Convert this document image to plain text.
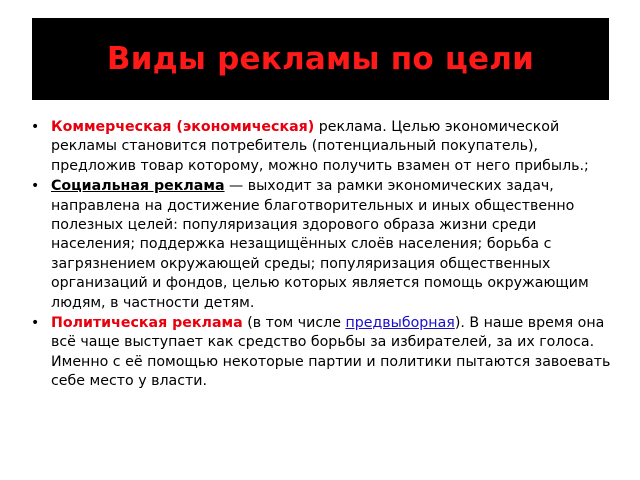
Виды рекламы по цели
• Коммерческая (экономическая) реклама. Целью экономической рекламы становится потребитель (потенциальный покупатель), предложив товар которому, можно получить взамен от него прибыль.;
• Социальная реклама — выходит за рамки экономических задач, направлена на достижение благотворительных и иных общественно полезных целей: популяризация здорового образа жизни среди населения; поддержка незащищённых слоёв населения; борьба с загрязнением окружающей среды; популяризация общественных организаций и фондов, целью которых является помощь окружающим людям, в частности детям.
• Политическая реклама (в том числе предвыборная). В наше время она всё чаще выступает как средство борьбы за избирателей, за их голоса. Именно с её помощью некоторые партии и политики пытаются завоевать себе место у власти.
